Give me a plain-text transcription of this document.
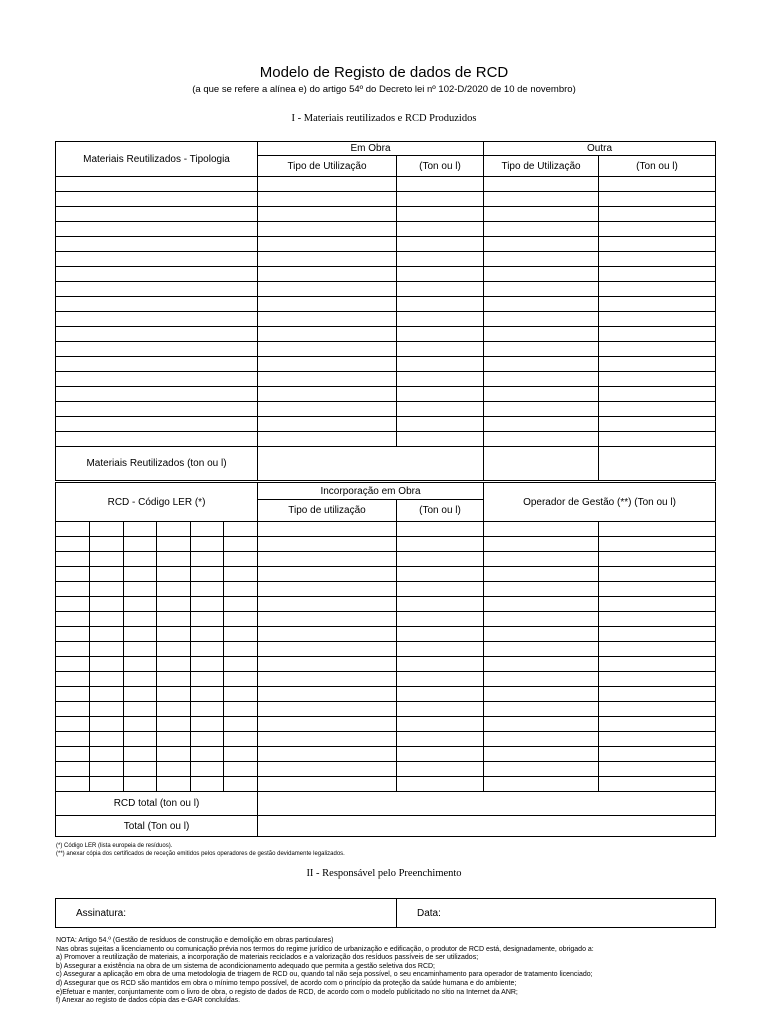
Modelo de Registo de dados de RCD
(a que se refere a alínea e) do artigo 54º do Decreto lei nº 102-D/2020 de 10 de novembro)
I - Materiais reutilizados e RCD Produzidos
Materiais Reutilizados - Tipologia	Em Obra		Outra	
	Tipo de Utilização	(Ton ou l)	Tipo de Utilização	(Ton ou l)

Materiais Reutilizados (ton ou l)				
RCD - Código LER (*)						Incorporação em Obra		Operador de Gestão (**) (Ton ou l)	
						Tipo de utilização	(Ton ou l)		

RCD total (ton ou l)									
Total (Ton ou l)									
(*) Código LER (lista europeia de resíduos).
(**) anexar cópia dos certificados de receção emitidos pelos operadores de gestão devidamente legalizados.
II - Responsável pelo Preenchimento
Assinatura:	Data:
NOTA: Artigo 54.º (Gestão de resíduos de construção e demolição em obras particulares)
Nas obras sujeitas a licenciamento ou comunicação prévia nos termos do regime jurídico de urbanização e edificação, o produtor de RCD está, designadamente, obrigado a:
a) Promover a reutilização de materiais, a incorporação de materiais reciclados e a valorização dos resíduos passíveis de ser utilizados;
b) Assegurar a existência na obra de um sistema de acondicionamento adequado que permita a gestão seletiva dos RCD;
c) Assegurar a aplicação em obra de uma metodologia de triagem de RCD ou, quando tal não seja possível, o seu encaminhamento para operador de tratamento licenciado;
d) Assegurar que os RCD são mantidos em obra o mínimo tempo possível, de acordo com o princípio da proteção da saúde humana e do ambiente;
e)Efetuar e manter, conjuntamente com o livro de obra, o registo de dados de RCD, de acordo com o modelo publicitado no sítio na Internet da ANR;
f) Anexar ao registo de dados cópia das e-GAR concluídas.
